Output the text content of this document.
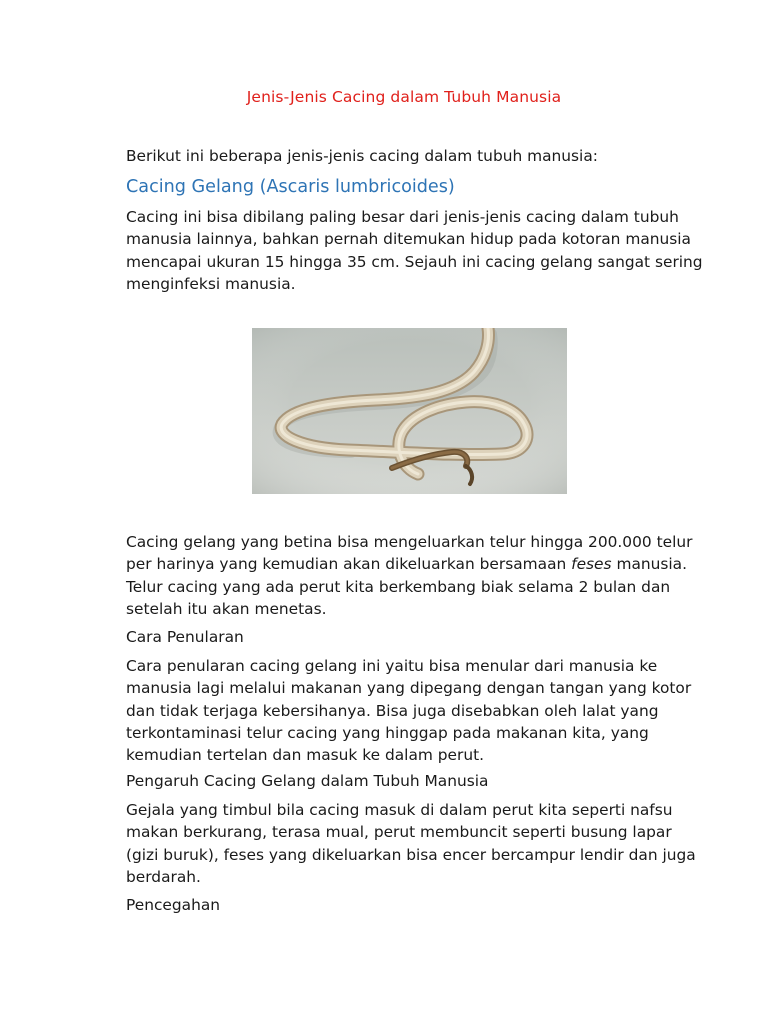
Jenis-Jenis Cacing dalam Tubuh Manusia
Berikut ini beberapa jenis-jenis cacing dalam tubuh manusia:
Cacing Gelang (Ascaris lumbricoides)
Cacing ini bisa dibilang paling besar dari jenis-jenis cacing dalam tubuh manusia lainnya, bahkan pernah ditemukan hidup pada kotoran manusia mencapai ukuran 15 hingga 35 cm. Sejauh ini cacing gelang sangat sering menginfeksi manusia.
Cacing gelang yang betina bisa mengeluarkan telur hingga 200.000 telur per harinya yang kemudian akan dikeluarkan bersamaan feses manusia. Telur cacing yang ada perut kita berkembang biak selama 2 bulan dan setelah itu akan menetas.
Cara Penularan
Cara penularan cacing gelang ini yaitu bisa menular dari manusia ke manusia lagi melalui makanan yang dipegang dengan tangan yang kotor dan tidak terjaga kebersihanya. Bisa juga disebabkan oleh lalat yang terkontaminasi telur cacing yang hinggap pada makanan kita, yang kemudian tertelan dan masuk ke dalam perut.
Pengaruh Cacing Gelang dalam Tubuh Manusia
Gejala yang timbul bila cacing masuk di dalam perut kita seperti nafsu makan berkurang, terasa mual, perut membuncit seperti busung lapar (gizi buruk), feses yang dikeluarkan bisa encer bercampur lendir dan juga berdarah.
Pencegahan
